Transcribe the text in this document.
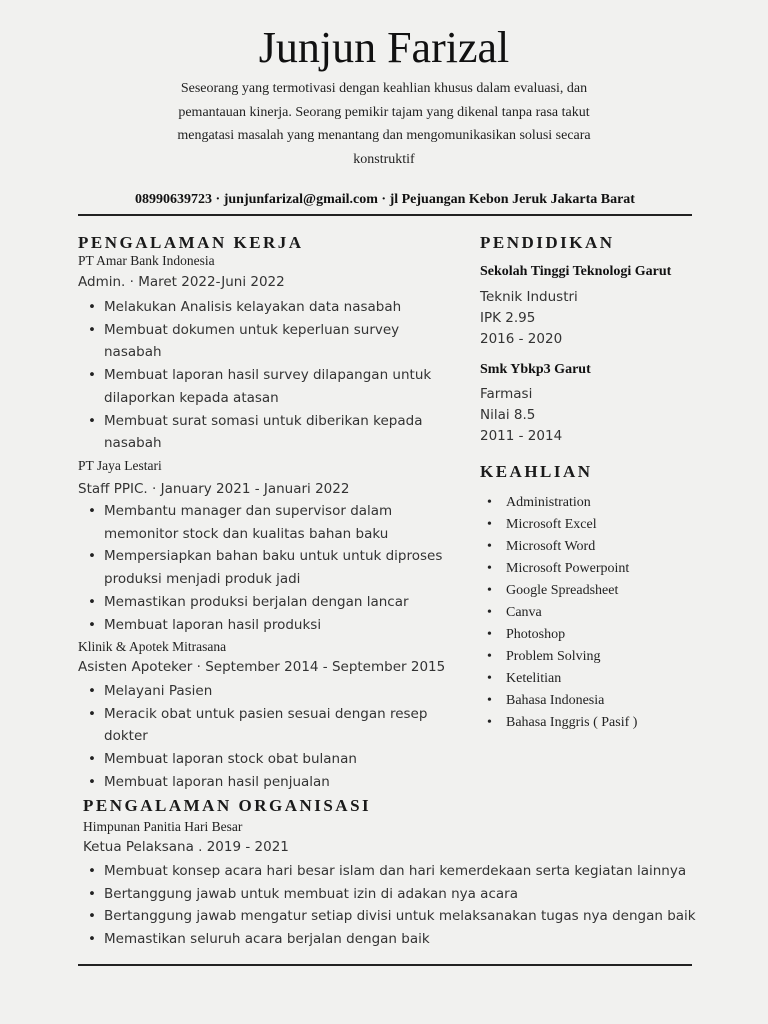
Junjun Farizal
Seseorang yang termotivasi dengan keahlian khusus dalam evaluasi, dan pemantauan kinerja. Seorang pemikir tajam yang dikenal tanpa rasa takut mengatasi masalah yang menantang dan mengomunikasikan solusi secara konstruktif
08990639723 · junjunfarizal@gmail.com · jl Pejuangan Kebon Jeruk Jakarta Barat
PENGALAMAN KERJA
PT Amar Bank Indonesia
Admin. · Maret 2022-Juni 2022
• Melakukan Analisis kelayakan data nasabah
• Membuat dokumen untuk keperluan survey nasabah
• Membuat laporan hasil survey dilapangan untuk dilaporkan kepada atasan
• Membuat surat somasi untuk diberikan kepada nasabah
PT Jaya Lestari
Staff PPIC. · January 2021 - Januari 2022
• Membantu manager dan supervisor dalam memonitor stock dan kualitas bahan baku
• Mempersiapkan bahan baku untuk untuk diproses produksi menjadi produk jadi
• Memastikan produksi berjalan dengan lancar
• Membuat laporan hasil produksi
Klinik & Apotek Mitrasana
Asisten Apoteker · September 2014 - September 2015
• Melayani Pasien
• Meracik obat untuk pasien sesuai dengan resep dokter
• Membuat laporan stock obat bulanan
• Membuat laporan hasil penjualan
PENGALAMAN ORGANISASI
Himpunan Panitia Hari Besar
Ketua Pelaksana . 2019 - 2021
• Membuat konsep acara hari besar islam dan hari kemerdekaan serta kegiatan lainnya
• Bertanggung jawab untuk membuat izin di adakan nya acara
• Bertanggung jawab mengatur setiap divisi untuk melaksanakan tugas nya dengan baik
• Memastikan seluruh acara berjalan dengan baik
PENDIDIKAN
Sekolah Tinggi Teknologi Garut
Teknik Industri
IPK 2.95
2016 - 2020
Smk Ybkp3 Garut
Farmasi
Nilai 8.5
2011 - 2014
KEAHLIAN
• Administration
• Microsoft Excel
• Microsoft Word
• Microsoft Powerpoint
• Google Spreadsheet
• Canva
• Photoshop
• Problem Solving
• Ketelitian
• Bahasa Indonesia
• Bahasa Inggris ( Pasif )
